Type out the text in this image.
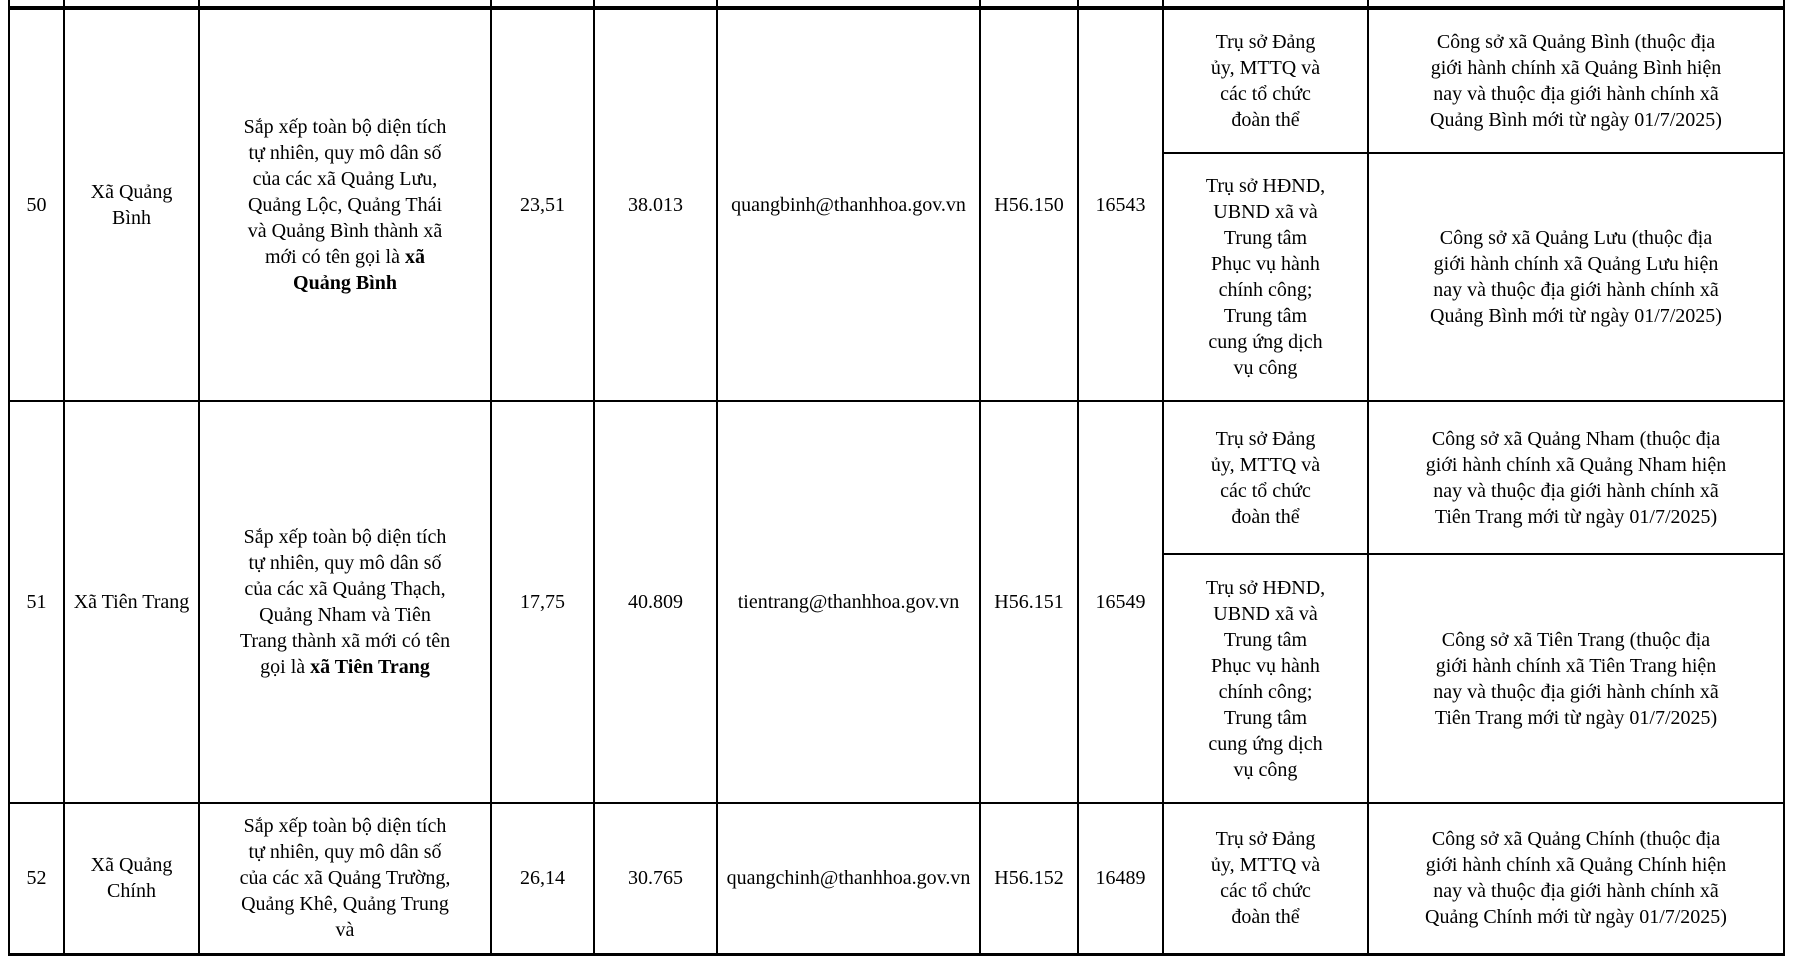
50	Xã Quảng Bình	Sắp xếp toàn bộ diện tích tự nhiên, quy mô dân số của các xã Quảng Lưu, Quảng Lộc, Quảng Thái và Quảng Bình thành xã mới có tên gọi là xã Quảng Bình	23,51	38.013	quangbinh@thanhhoa.gov.vn	H56.150	16543	Trụ sở Đảng ủy, MTTQ và các tổ chức đoàn thể	Công sở xã Quảng Bình (thuộc địa giới hành chính xã Quảng Bình hiện nay và thuộc địa giới hành chính xã Quảng Bình mới từ ngày 01/7/2025)

								Trụ sở HĐND, UBND xã và Trung tâm Phục vụ hành chính công; Trung tâm cung ứng dịch vụ công	Công sở xã Quảng Lưu (thuộc địa giới hành chính xã Quảng Lưu hiện nay và thuộc địa giới hành chính xã Quảng Bình mới từ ngày 01/7/2025)

51	Xã Tiên Trang	Sắp xếp toàn bộ diện tích tự nhiên, quy mô dân số của các xã Quảng Thạch, Quảng Nham và Tiên Trang thành xã mới có tên gọi là xã Tiên Trang	17,75	40.809	tientrang@thanhhoa.gov.vn	H56.151	16549	Trụ sở Đảng ủy, MTTQ và các tổ chức đoàn thể	Công sở xã Quảng Nham (thuộc địa giới hành chính xã Quảng Nham hiện nay và thuộc địa giới hành chính xã Tiên Trang mới từ ngày 01/7/2025)

								Trụ sở HĐND, UBND xã và Trung tâm Phục vụ hành chính công; Trung tâm cung ứng dịch vụ công	Công sở xã Tiên Trang (thuộc địa giới hành chính xã Tiên Trang hiện nay và thuộc địa giới hành chính xã Tiên Trang mới từ ngày 01/7/2025)

52	Xã Quảng Chính	Sắp xếp toàn bộ diện tích tự nhiên, quy mô dân số của các xã Quảng Trường, Quảng Khê, Quảng Trung và	26,14	30.765	quangchinh@thanhhoa.gov.vn	H56.152	16489	Trụ sở Đảng ủy, MTTQ và các tổ chức đoàn thể	Công sở xã Quảng Chính (thuộc địa giới hành chính xã Quảng Chính hiện nay và thuộc địa giới hành chính xã Quảng Chính mới từ ngày 01/7/2025)
